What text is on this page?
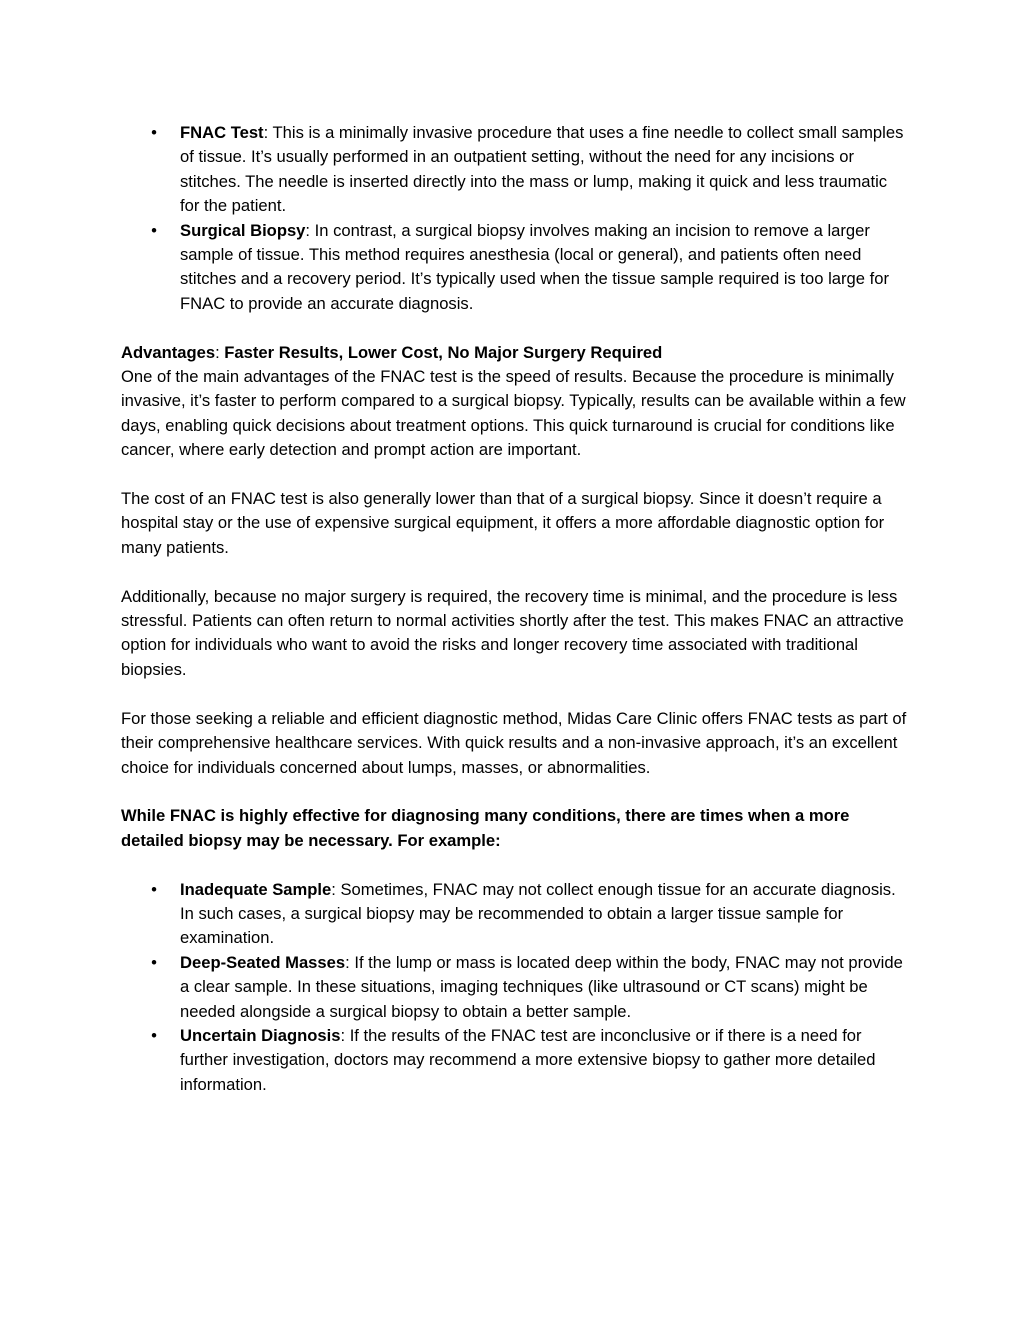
• FNAC Test: This is a minimally invasive procedure that uses a fine needle to collect small samples of tissue. It’s usually performed in an outpatient setting, without the need for any incisions or stitches. The needle is inserted directly into the mass or lump, making it quick and less traumatic for the patient.
• Surgical Biopsy: In contrast, a surgical biopsy involves making an incision to remove a larger sample of tissue. This method requires anesthesia (local or general), and patients often need stitches and a recovery period. It’s typically used when the tissue sample required is too large for FNAC to provide an accurate diagnosis.

Advantages: Faster Results, Lower Cost, No Major Surgery Required

One of the main advantages of the FNAC test is the speed of results. Because the procedure is minimally invasive, it’s faster to perform compared to a surgical biopsy. Typically, results can be available within a few days, enabling quick decisions about treatment options. This quick turnaround is crucial for conditions like cancer, where early detection and prompt action are important.

The cost of an FNAC test is also generally lower than that of a surgical biopsy. Since it doesn’t require a hospital stay or the use of expensive surgical equipment, it offers a more affordable diagnostic option for many patients.

Additionally, because no major surgery is required, the recovery time is minimal, and the procedure is less stressful. Patients can often return to normal activities shortly after the test. This makes FNAC an attractive option for individuals who want to avoid the risks and longer recovery time associated with traditional biopsies.

For those seeking a reliable and efficient diagnostic method, Midas Care Clinic offers FNAC tests as part of their comprehensive healthcare services. With quick results and a non-invasive approach, it’s an excellent choice for individuals concerned about lumps, masses, or abnormalities.

While FNAC is highly effective for diagnosing many conditions, there are times when a more detailed biopsy may be necessary. For example:

• Inadequate Sample: Sometimes, FNAC may not collect enough tissue for an accurate diagnosis. In such cases, a surgical biopsy may be recommended to obtain a larger tissue sample for examination.
• Deep-Seated Masses: If the lump or mass is located deep within the body, FNAC may not provide a clear sample. In these situations, imaging techniques (like ultrasound or CT scans) might be needed alongside a surgical biopsy to obtain a better sample.
• Uncertain Diagnosis: If the results of the FNAC test are inconclusive or if there is a need for further investigation, doctors may recommend a more extensive biopsy to gather more detailed information.
